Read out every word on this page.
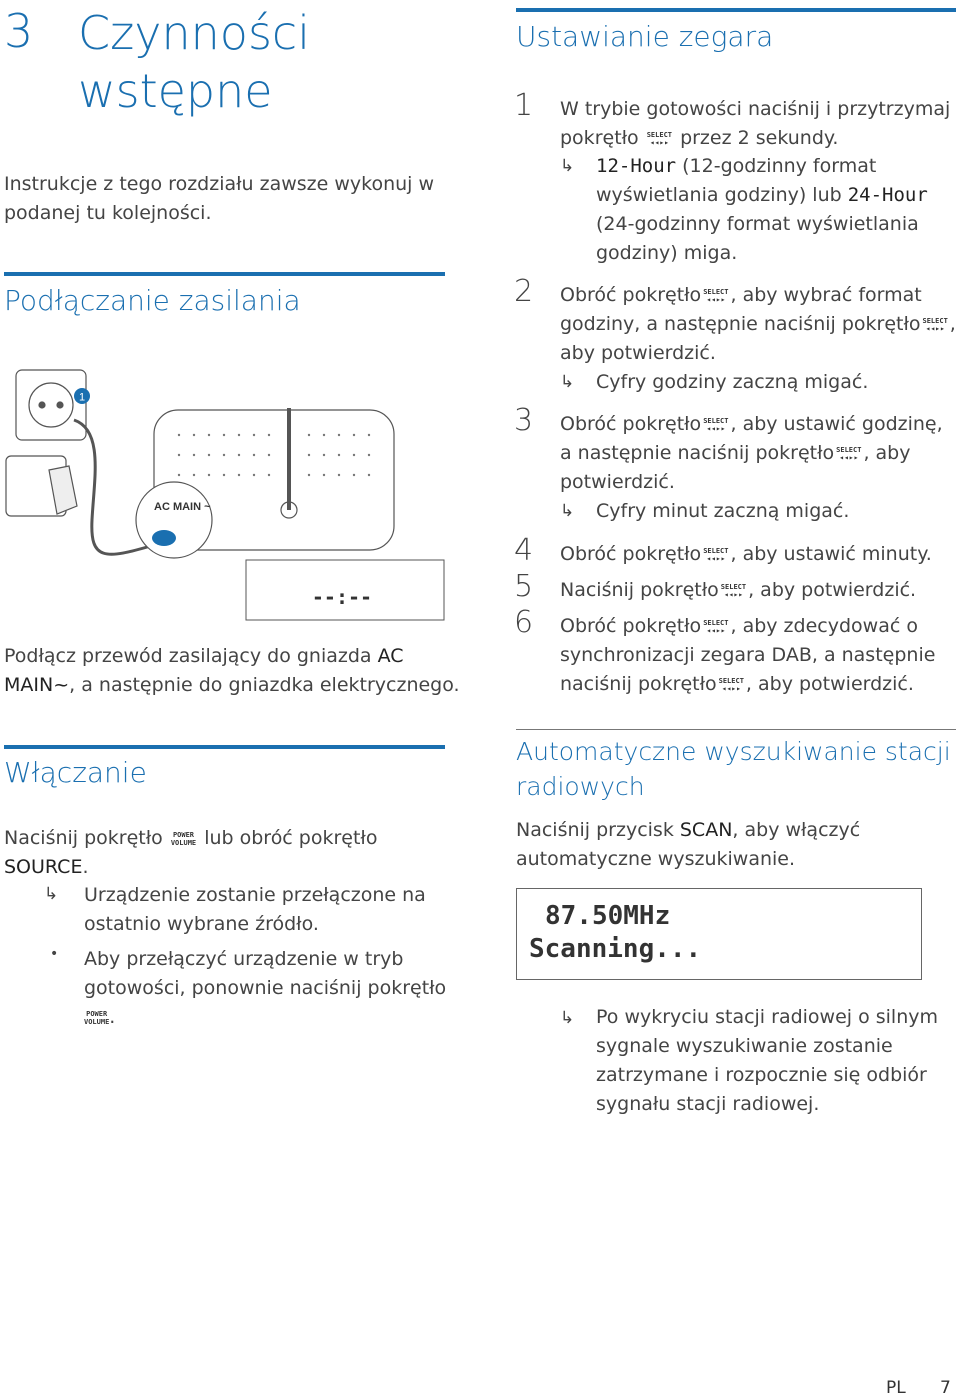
3 Czynności
wstępne
Instrukcje z tego rozdziału zawsze wykonuj w
podanej tu kolejności.
Podłączanie zasilania
1
AC MAIN ~
--:--
Podłącz przewód zasilający do gniazda AC
MAIN~, a następnie do gniazdka elektrycznego.
Włączanie
Naciśnij pokrętło	POWER
VOLUME lub obróć pokrętło
SOURCE.
↳ Urządzenie zostanie przełączone na
ostatnio wybrane źródło.
• Aby przełączyć urządzenie w tryb
gotowości, ponownie naciśnij pokrętło
POWER
VOLUME .
Ustawianie zegara
1 W trybie gotowości naciśnij i przytrzymaj
pokrętło SELECT
◂◂▸▸ przez 2 sekundy.
↳ 12-Hour (12-godzinny format
wyświetlania godziny) lub 24-Hour
(24-godzinny format wyświetlania
godziny) miga.
2 Obróć pokrętło SELECT
◂◂▸▸ , aby wybrać format
godziny, a następnie naciśnij pokrętło SELECT
◂◂▸▸ ,
aby potwierdzić.
↳ Cyfry godziny zaczną migać.
3 Obróć pokrętło SELECT
◂◂▸▸ , aby ustawić godzinę,
a następnie naciśnij pokrętło SELECT
◂◂▸▸ , aby
potwierdzić.
↳ Cyfry minut zaczną migać.
4 Obróć pokrętło SELECT
◂◂▸▸ , aby ustawić minuty.
5 Naciśnij pokrętło SELECT
◂◂▸▸ , aby potwierdzić.
6 Obróć pokrętło SELECT
◂◂▸▸ , aby zdecydować o
synchronizacji zegara DAB, a następnie
naciśnij pokrętło SELECT
◂◂▸▸ , aby potwierdzić.
Automatyczne wyszukiwanie stacji
radiowych
Naciśnij przycisk SCAN, aby włączyć
automatyczne wyszukiwanie.
87.50MHz
Scanning...
↳ Po wykryciu stacji radiowej o silnym
sygnale wyszukiwanie zostanie
zatrzymane i rozpocznie się odbiór
sygnału stacji radiowej.
PL 7
